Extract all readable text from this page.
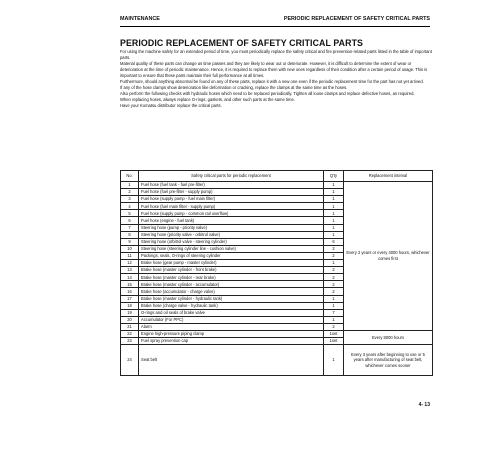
MAINTENANCE	PERIODIC REPLACEMENT OF SAFETY CRITICAL PARTS
PERIODIC REPLACEMENT OF SAFETY CRITICAL PARTS

For using the machine safely for an extended period of time, you must periodically replace the safety critical and fire prevention-related parts listed in the table of important parts.

Material quality of these parts can change as time passes and they are likely to wear out or deteriorate. However, it is difficult to determine the extent of wear or deterioration at the time of periodic maintenance. Hence, it is required to replace them with new ones regardless of their condition after a certain period of usage. This is important to ensure that these parts maintain their full performance at all times.

Furthermore, should anything abnormal be found on any of these parts, replace it with a new one even if the periodic replacement time for the part has not yet arrived.

If any of the hose clamps show deterioration like deformation or cracking, replace the clamps at the same time as the hoses.

Also perform the following checks with hydraulic hoses which need to be replaced periodically. Tighten all loose clamps and replace defective hoses, as required.

When replacing hoses, always replace O-rings, gaskets, and other such parts at the same time.

Have your Komatsu distributor replace the critical parts.

No.	Safety critical parts for periodic replacement	Q'ty	Replacement interval
1	Fuel hose (fuel tank - fuel pre-filter)	1	Every 2 years or every 4000 hours, whichever comes first
2	Fuel hose (fuel pre-filter - supply pump)	1	
3	Fuel hose (supply pump - fuel main filter)	1	
4	Fuel hose (fuel main filter - supply pump)	1	
5	Fuel hose (supply pump - common rail overflow)	1	
6	Fuel hose (engine - fuel tank)	1	
7	Steering hose (pump - priority valve)	1	
8	Steering hose (priority valve - orbitrol valve)	1	
9	Steering hose (orbitrol valve - steering cylinder)	6	
10	Steering hose (steering cylinder line - cushion valve)	2	
11	Packings, seals, O-rings of steering cylinder	2	
12	Brake hose (gear pump - master cylinder)	1	
13	Brake hose (master cylinder - front brake)	2	
14	Brake hose (master cylinder - rear brake)	2	
15	Brake hose (master cylinder - accumulator)	2	
16	Brake hose (accumulator - charge valve)	2	
17	Brake hose (master cylinder - hydraulic tank)	1	
18	Brake hose (charge valve - hydraulic tank)	1	
19	O-rings and oil seals of brake valve	7	
20	Accumulator (For PPC)	1	
21	Alarm	2	
22	Engine high-pressure piping clamp	1set	Every 8000 hours
23	Fuel spray prevention cap	1set	
24	Seat belt	1	Every 3 years after beginning to use or 5 years after manufacturing of seat belt, whichever comes sooner
4- 13
